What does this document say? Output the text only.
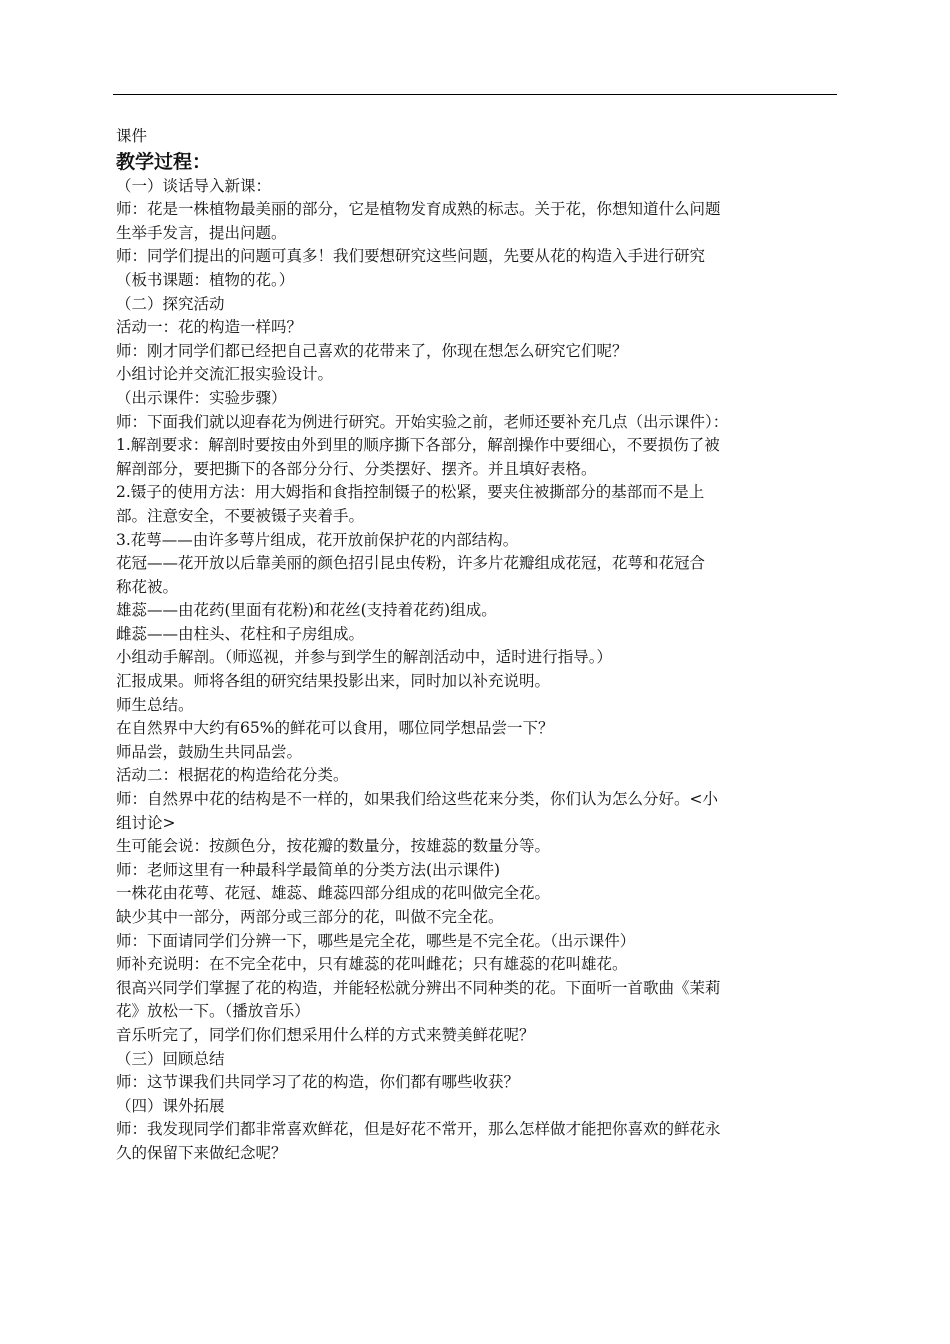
课件

教学过程：

（一）谈话导入新课：

师：花是一株植物最美丽的部分，它是植物发育成熟的标志。关于花，你想知道什么问题

生举手发言，提出问题。

师：同学们提出的问题可真多！我们要想研究这些问题，先要从花的构造入手进行研究

（板书课题：植物的花。）

（二）探究活动

活动一：花的构造一样吗？

师：刚才同学们都已经把自己喜欢的花带来了，你现在想怎么研究它们呢？

小组讨论并交流汇报实验设计。

（出示课件：实验步骤）

师：下面我们就以迎春花为例进行研究。开始实验之前，老师还要补充几点（出示课件）：

1.解剖要求：解剖时要按由外到里的顺序撕下各部分，解剖操作中要细心，不要损伤了被

解剖部分，要把撕下的各部分分行、分类摆好、摆齐。并且填好表格。

2.镊子的使用方法：用大姆指和食指控制镊子的松紧，要夹住被撕部分的基部而不是上

部。注意安全，不要被镊子夹着手。

3.花萼——由许多萼片组成，花开放前保护花的内部结构。

花冠——花开放以后靠美丽的颜色招引昆虫传粉，许多片花瓣组成花冠，花萼和花冠合

称花被。

雄蕊——由花药(里面有花粉)和花丝(支持着花药)组成。

雌蕊——由柱头、花柱和子房组成。

小组动手解剖。（师巡视，并参与到学生的解剖活动中，适时进行指导。）

汇报成果。师将各组的研究结果投影出来，同时加以补充说明。

师生总结。

在自然界中大约有65%的鲜花可以食用，哪位同学想品尝一下？

师品尝，鼓励生共同品尝。

活动二：根据花的构造给花分类。

师：自然界中花的结构是不一样的，如果我们给这些花来分类，你们认为怎么分好。<小

组讨论>

生可能会说：按颜色分，按花瓣的数量分，按雄蕊的数量分等。

师：老师这里有一种最科学最简单的分类方法(出示课件)

一株花由花萼、花冠、雄蕊、雌蕊四部分组成的花叫做完全花。

缺少其中一部分，两部分或三部分的花，叫做不完全花。

师：下面请同学们分辨一下，哪些是完全花，哪些是不完全花。（出示课件）

师补充说明：在不完全花中，只有雄蕊的花叫雌花；只有雄蕊的花叫雄花。

很高兴同学们掌握了花的构造，并能轻松就分辨出不同种类的花。下面听一首歌曲《茉莉

花》放松一下。（播放音乐）

音乐听完了，同学们你们想采用什么样的方式来赞美鲜花呢？

（三）回顾总结

师：这节课我们共同学习了花的构造，你们都有哪些收获？

（四）课外拓展

师：我发现同学们都非常喜欢鲜花，但是好花不常开，那么怎样做才能把你喜欢的鲜花永

久的保留下来做纪念呢？
